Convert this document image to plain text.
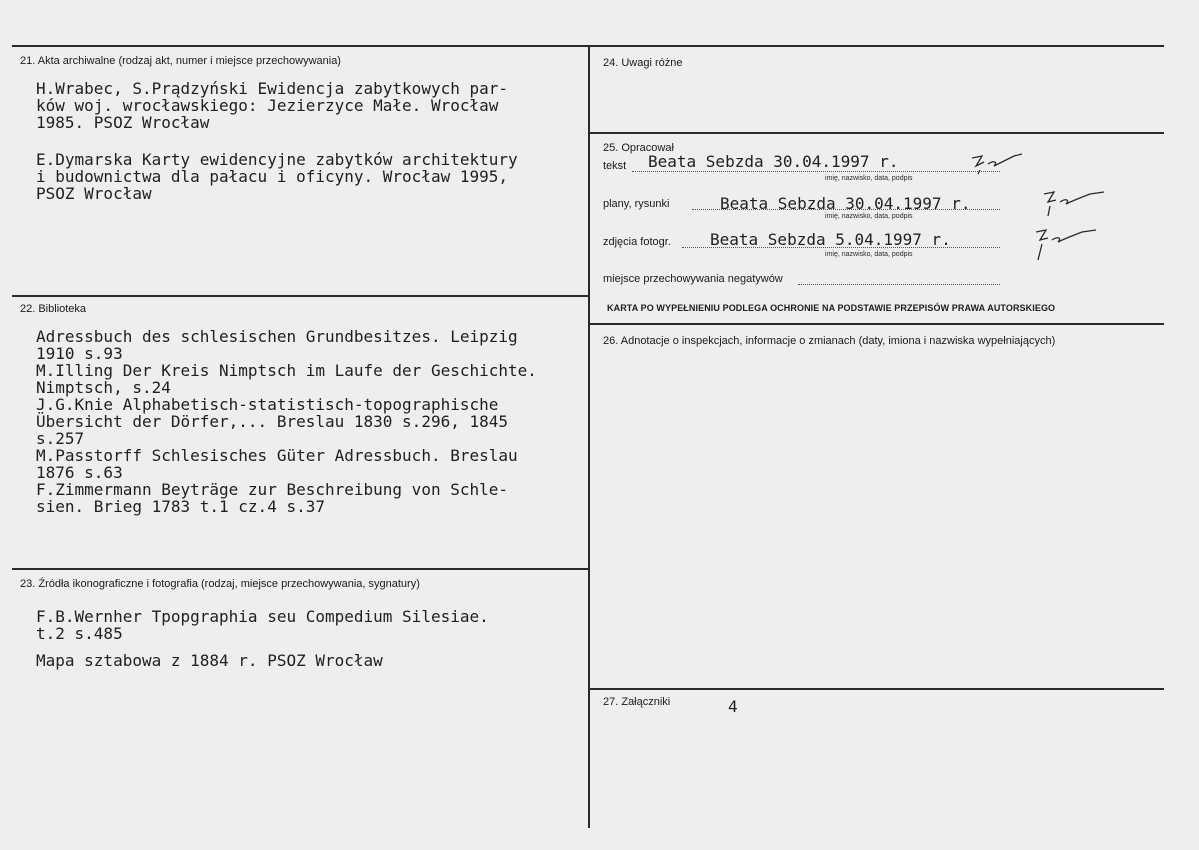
21. Akta archiwalne (rodzaj akt, numer i miejsce przechowywania)
H.Wrabec, S.Prądzyński Ewidencja zabytkowych par-
ków woj. wrocławskiego: Jezierzyce Małe. Wrocław
1985. PSOZ Wrocław
E.Dymarska Karty ewidencyjne zabytków architektury
i budownictwa dla pałacu i oficyny. Wrocław 1995,
PSOZ Wrocław
22. Biblioteka
Adressbuch des schlesischen Grundbesitzes. Leipzig
1910 s.93
M.Illing Der Kreis Nimptsch im Laufe der Geschichte.
Nimptsch, s.24
J.G.Knie Alphabetisch-statistisch-topographische
Übersicht der Dörfer,... Breslau 1830 s.296, 1845
s.257
M.Passtorff Schlesisches Güter Adressbuch. Breslau
1876 s.63
F.Zimmermann Beyträge zur Beschreibung von Schle-
sien. Brieg 1783 t.1 cz.4 s.37
23. Źródła ikonograficzne i fotografia (rodzaj, miejsce przechowywania, sygnatury)
F.B.Wernher Tpopgraphia seu Compedium Silesiae.
t.2 s.485
Mapa sztabowa z 1884 r. PSOZ Wrocław
24. Uwagi różne
25. Opracował
tekst Beata Sebzda 30.04.1997 r.
imię, nazwisko, data, podpis
plany, rysunki	Beata Sebzda 30.04.1997 r.
imię, nazwisko, data, podpis
zdjęcia fotogr. Beata Sebzda 5.04.1997 r.
imię, nazwisko, data, podpis
miejsce przechowywania negatywów
KARTA PO WYPEŁNIENIU PODLEGA OCHRONIE NA PODSTAWIE PRZEPISÓW PRAWA AUTORSKIEGO
26. Adnotacje o inspekcjach, informacje o zmianach (daty, imiona i nazwiska wypełniających)
27. Załączniki	4
